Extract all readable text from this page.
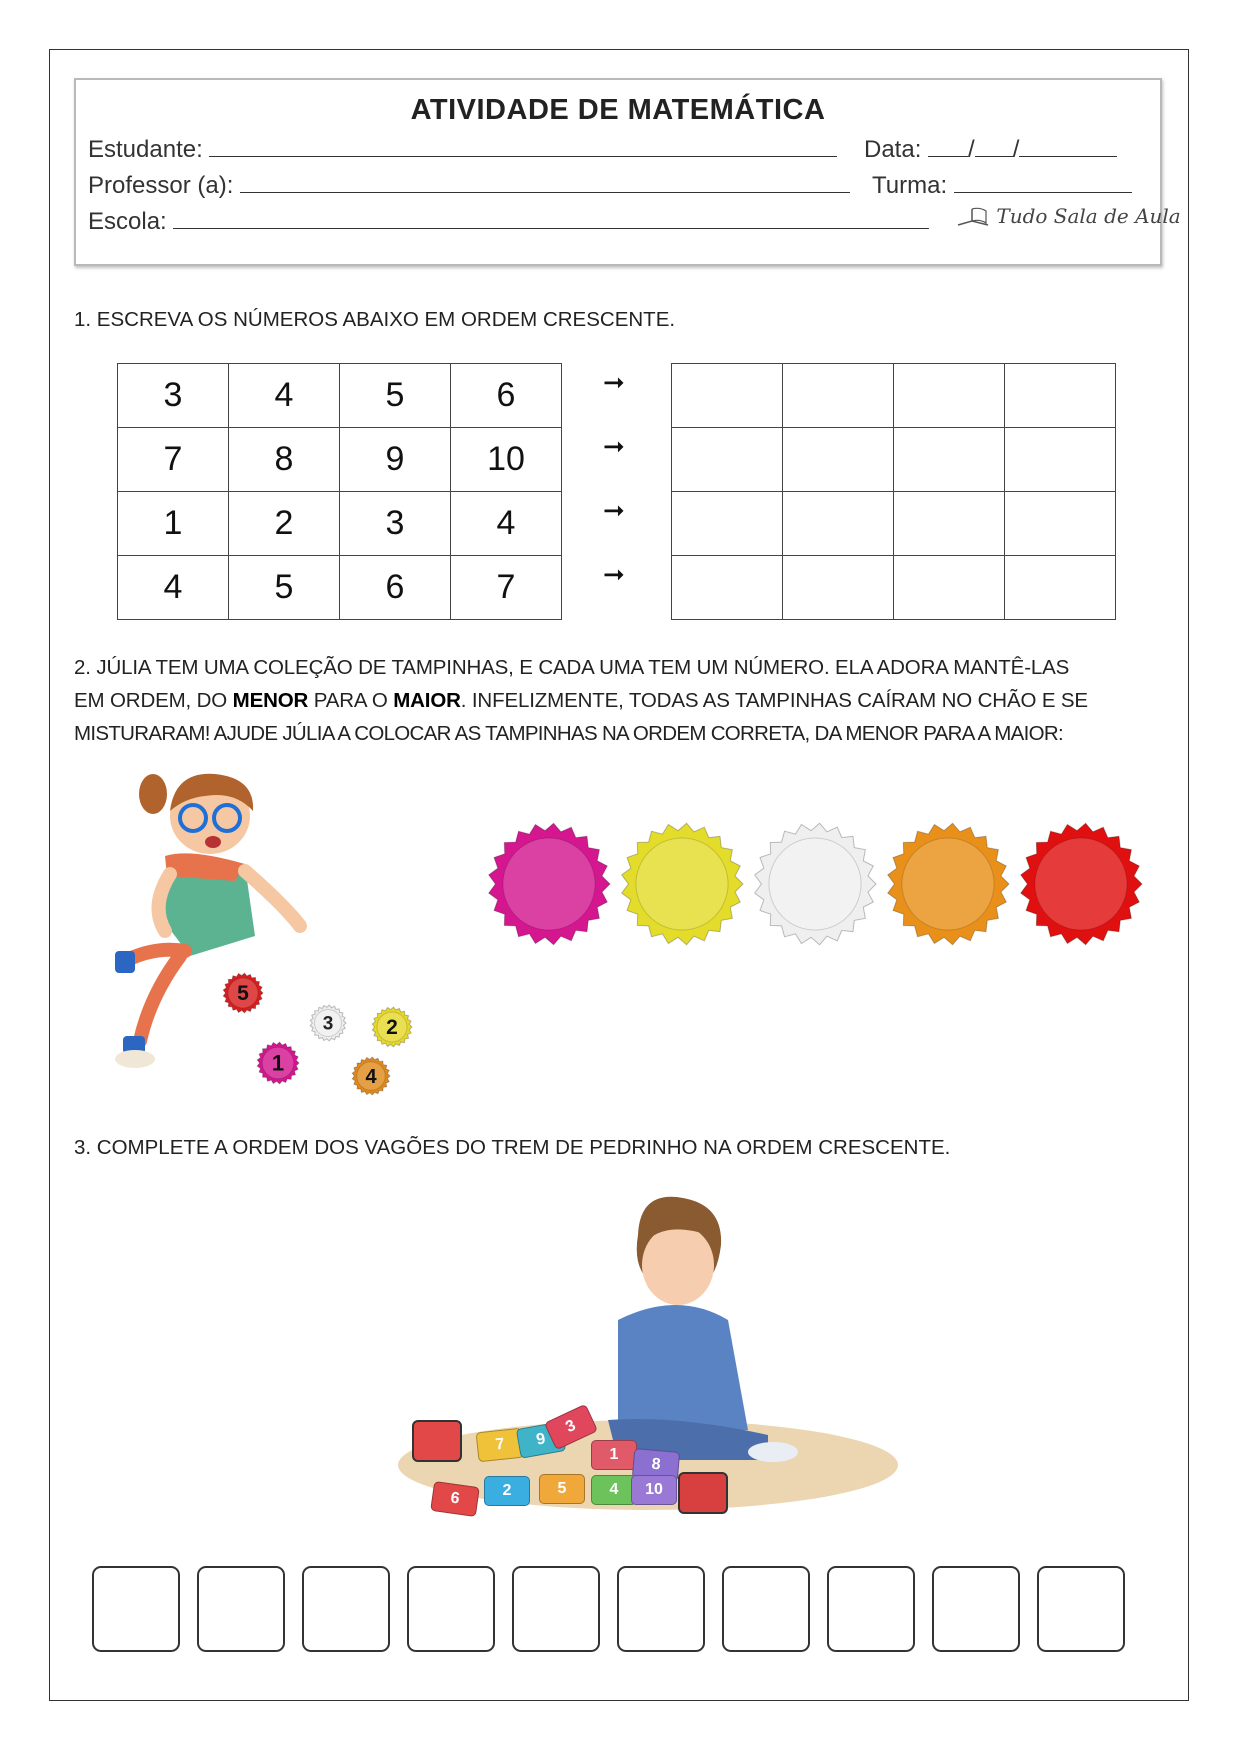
ATIVIDADE DE MATEMÁTICA
Estudante:	Data: / /
Professor (a):	Turma:
Escola:	Tudo Sala de Aula
1. ESCREVA OS NÚMEROS ABAIXO EM ORDEM CRESCENTE.
3	4	5	6
7	8	9	10
1	2	3	4
4	5	6	7
➞
➞
➞
➞

2. JÚLIA TEM UMA COLEÇÃO DE TAMPINHAS, E CADA UMA TEM UM NÚMERO. ELA ADORA MANTÊ-LAS
EM ORDEM, DO MENOR PARA O MAIOR. INFELIZMENTE, TODAS AS TAMPINHAS CAÍRAM NO CHÃO E SE
MISTURARAM! AJUDE JÚLIA A COLOCAR AS TAMPINHAS NA ORDEM CORRETA, DA MENOR PARA A MAIOR:
5
3	2
1
4
3. COMPLETE A ORDEM DOS VAGÕES DO TREM DE PEDRINHO NA ORDEM CRESCENTE.
7	9
3
1
8
6	2	5	4	10
